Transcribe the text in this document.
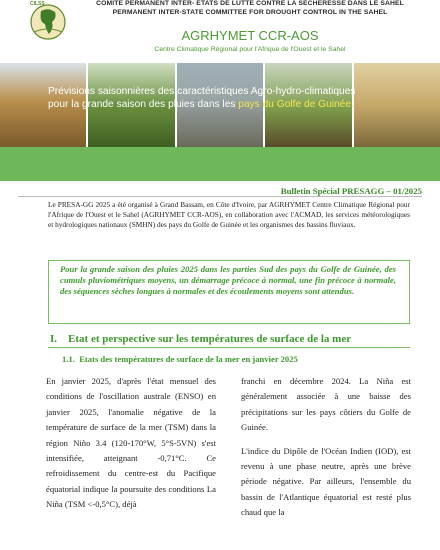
CILSS	COMITE PERMANENT INTER- ETATS DE LUTTE CONTRE LA SECHERESSE DANS LE SAHEL
PERMANENT INTER-STATE COMMITTEE FOR DROUGHT CONTROL IN THE SAHEL
AGRHYMET CCR-AOS
Centre Climatique Régional pour l'Afrique de l'Ouest et le Sahel
Prévisions saisonnières des caractéristiques Agro-hydro-climatiques
pour la grande saison des pluies dans les pays du Golfe de Guinée.
Bulletin Spécial PRESAGG – 01/2025
Le PRESA-GG 2025 a été organisé à Grand Bassam, en Côte d'Ivoire, par AGRHYMET Centre Climatique Régional pour l'Afrique de l'Ouest et le Sahel (AGRHYMET CCR-AOS), en collaboration avec l'ACMAD, les services météorologiques et hydrologiques nationaux (SMHN) des pays du Golfe de Guinée et les organismes des bassins fluviaux.
Pour la grande saison des pluies 2025 dans les parties Sud des pays du Golfe de Guinée, des cumuls pluviométriques moyens, un démarrage précoce à normal, une fin précoce à normale, des séquences sèches longues à normales et des écoulements moyens sont attendus.
I. Etat et perspective sur les températures de surface de la mer
1.1. Etats des températures de surface de la mer en janvier 2025

En janvier 2025, d'après l'état mensuel des conditions de l'oscillation australe (ENSO) en janvier 2025, l'anomalie négative de la température de surface de la mer (TSM) dans la région Niño 3.4 (120-170°W, 5°S-5VN) s'est intensifiée, atteignant -0,71°C. Ce refroidissement du centre-est du Pacifique équatorial indique la poursuite des conditions La Niña (TSM <-0,5°C), déjà

franchi en décembre 2024. La Niña est généralement associée à une baisse des précipitations sur les pays côtiers du Golfe de Guinée.

L'indice du Dipôle de l'Océan Indien (IOD), est revenu à une phase neutre, après une brève période négative. Par ailleurs, l'ensemble du bassin de l'Atlantique équatorial est resté plus chaud que la
